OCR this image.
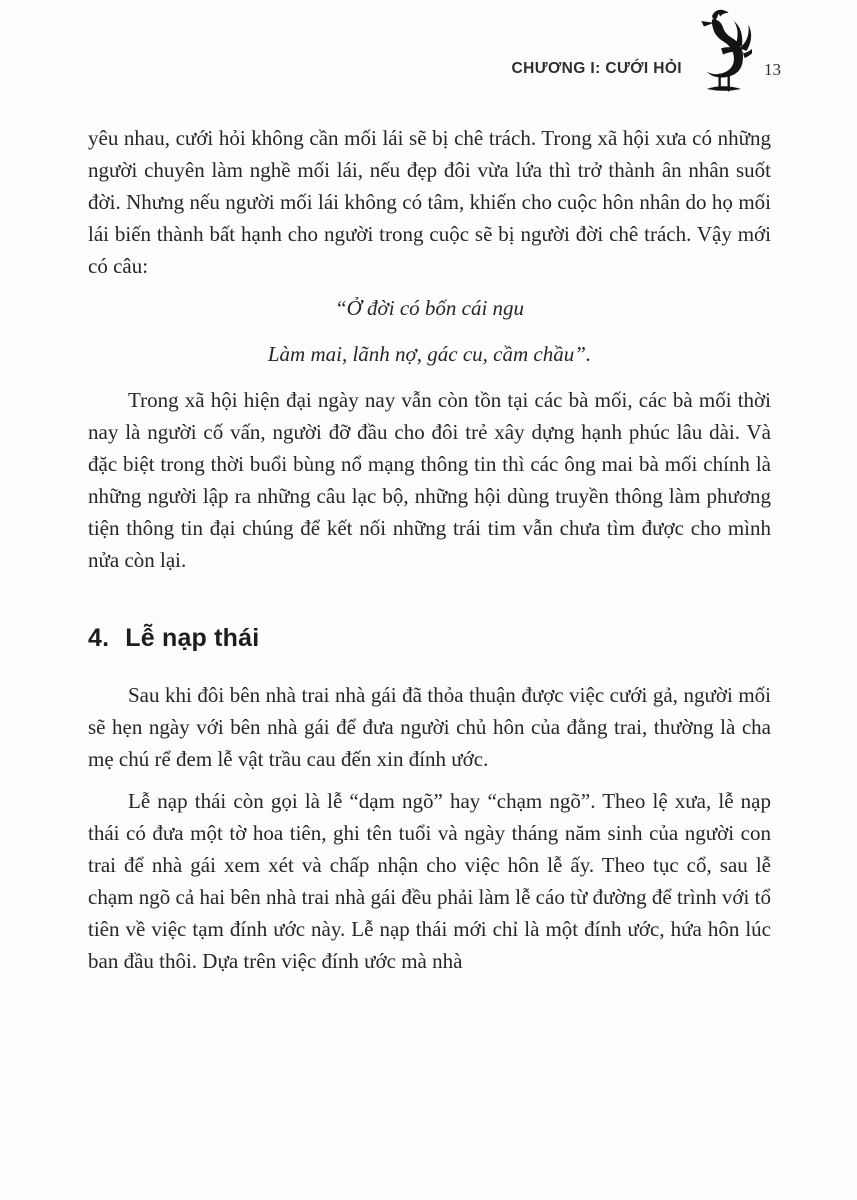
CHƯƠNG I: CƯỚI HỎI	13

yêu nhau, cưới hỏi không cần mối lái sẽ bị chê trách. Trong xã hội xưa có những người chuyên làm nghề mối lái, nếu đẹp đôi vừa lứa thì trở thành ân nhân suốt đời. Nhưng nếu người mối lái không có tâm, khiến cho cuộc hôn nhân do họ mối lái biến thành bất hạnh cho người trong cuộc sẽ bị người đời chê trách. Vậy mới có câu:

“Ở đời có bốn cái ngu

Làm mai, lãnh nợ, gác cu, cầm chầu”.

Trong xã hội hiện đại ngày nay vẫn còn tồn tại các bà mối, các bà mối thời nay là người cố vấn, người đỡ đầu cho đôi trẻ xây dựng hạnh phúc lâu dài. Và đặc biệt trong thời buổi bùng nổ mạng thông tin thì các ông mai bà mối chính là những người lập ra những câu lạc bộ, những hội dùng truyền thông làm phương tiện thông tin đại chúng để kết nối những trái tim vẫn chưa tìm được cho mình nửa còn lại.

4. Lễ nạp thái

Sau khi đôi bên nhà trai nhà gái đã thỏa thuận được việc cưới gả, người mối sẽ hẹn ngày với bên nhà gái để đưa người chủ hôn của đằng trai, thường là cha mẹ chú rể đem lễ vật trầu cau đến xin đính ước.

Lễ nạp thái còn gọi là lễ “dạm ngõ” hay “chạm ngõ”. Theo lệ xưa, lễ nạp thái có đưa một tờ hoa tiên, ghi tên tuổi và ngày tháng năm sinh của người con trai để nhà gái xem xét và chấp nhận cho việc hôn lễ ấy. Theo tục cổ, sau lễ chạm ngõ cả hai bên nhà trai nhà gái đều phải làm lễ cáo từ đường để trình với tổ tiên về việc tạm đính ước này. Lễ nạp thái mới chỉ là một đính ước, hứa hôn lúc ban đầu thôi. Dựa trên việc đính ước mà nhà
